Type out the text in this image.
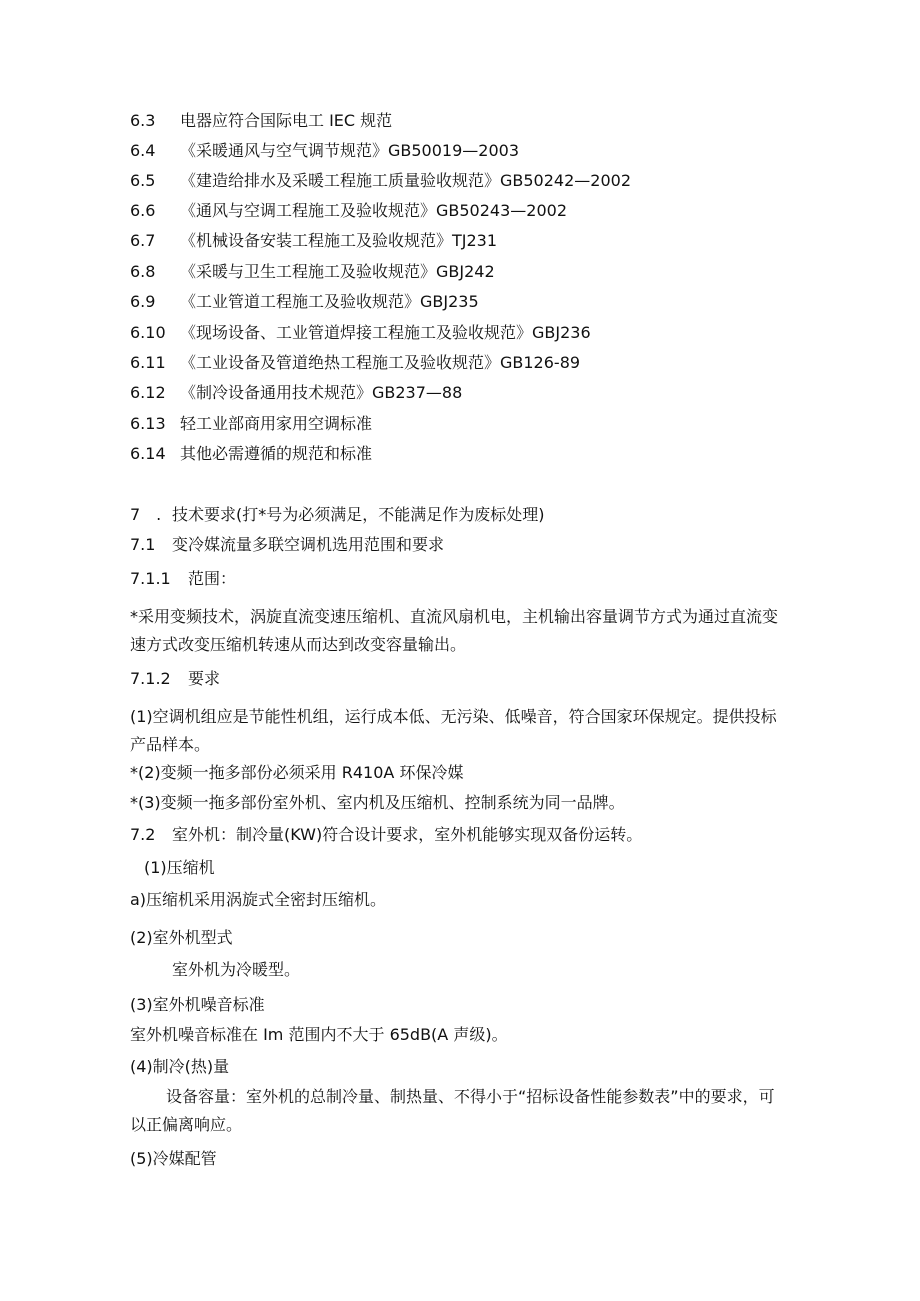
6.3 电器应符合国际电工 IEC 规范
6.4 《采暖通风与空气调节规范》GB50019—2003
6.5 《建造给排水及采暖工程施工质量验收规范》GB50242—2002
6.6 《通风与空调工程施工及验收规范》GB50243—2002
6.7 《机械设备安装工程施工及验收规范》TJ231
6.8 《采暖与卫生工程施工及验收规范》GBJ242
6.9 《工业管道工程施工及验收规范》GBJ235
6.10 《现场设备、工业管道焊接工程施工及验收规范》GBJ236
6.11 《工业设备及管道绝热工程施工及验收规范》GB126-89
6.12 《制冷设备通用技术规范》GB237—88
6.13 轻工业部商用家用空调标准
6.14 其他必需遵循的规范和标准
7　. 技术要求(打*号为必须满足，不能满足作为废标处理)
7.1 变冷媒流量多联空调机选用范围和要求
7.1.1 范围：
*采用变频技术，涡旋直流变速压缩机、直流风扇机电，主机输出容量调节方式为通过直流变速方式改变压缩机转速从而达到改变容量输出。
7.1.2 要求
(1)空调机组应是节能性机组，运行成本低、无污染、低噪音，符合国家环保规定。提供投标产品样本。
*(2)变频一拖多部份必须采用 R410A 环保冷媒
*(3)变频一拖多部份室外机、室内机及压缩机、控制系统为同一品牌。
7.2 室外机：制冷量(KW)符合设计要求，室外机能够实现双备份运转。
(1)压缩机
a)压缩机采用涡旋式全密封压缩机。
(2)室外机型式
室外机为冷暖型。
(3)室外机噪音标准
室外机噪音标准在 Im 范围内不大于 65dB(A 声级)。
(4)制冷(热)量
设备容量：室外机的总制冷量、制热量、不得小于“招标设备性能参数表”中的要求，可以正偏离响应。
(5)冷媒配管
